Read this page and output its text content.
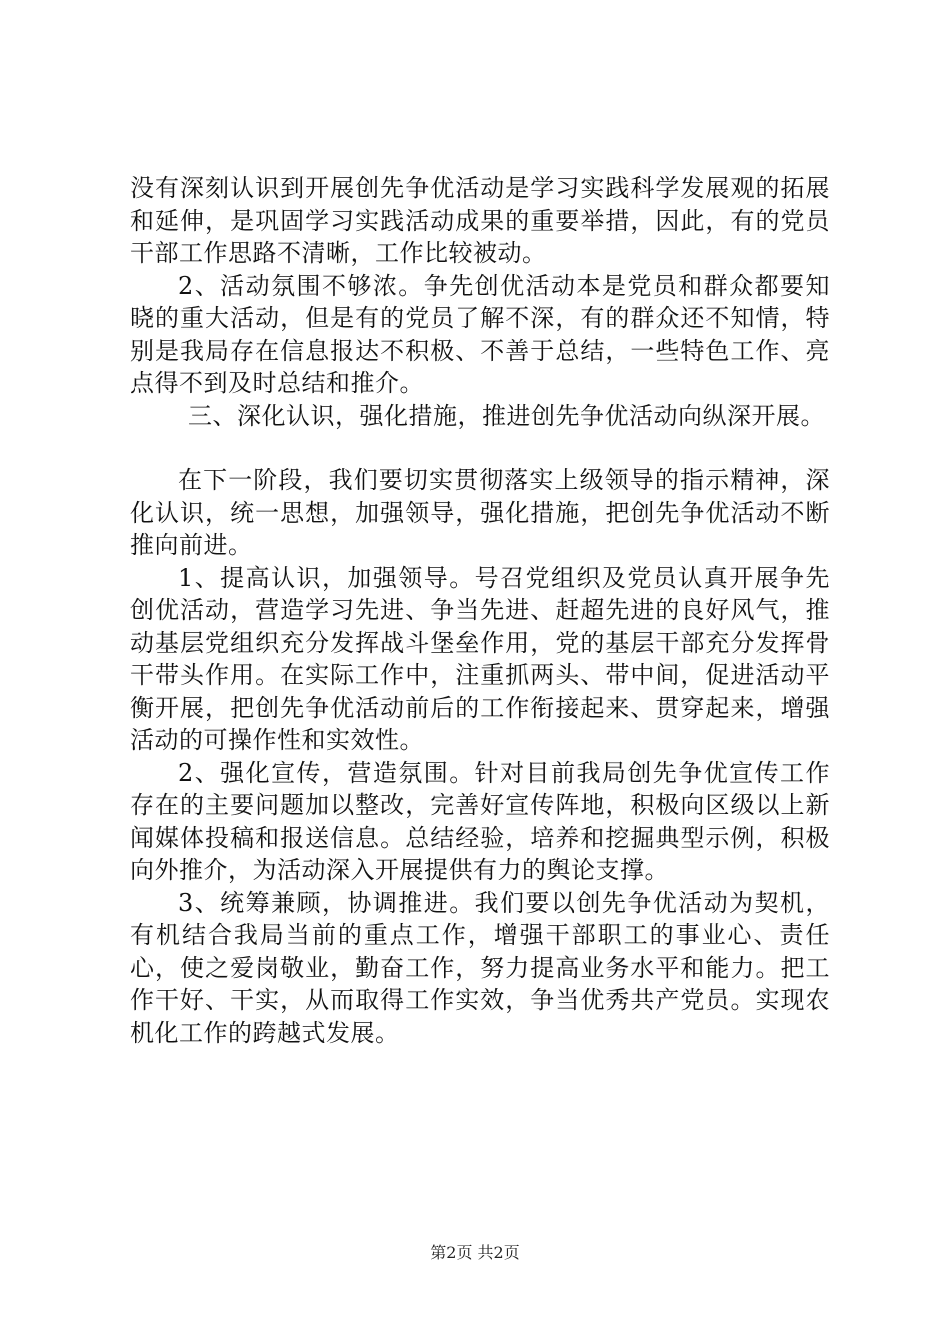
没有深刻认识到开展创先争优活动是学习实践科学发展观的拓展和延伸，是巩固学习实践活动成果的重要举措，因此，有的党员干部工作思路不清晰，工作比较被动。

2、活动氛围不够浓。争先创优活动本是党员和群众都要知晓的重大活动，但是有的党员了解不深，有的群众还不知情，特别是我局存在信息报达不积极、不善于总结，一些特色工作、亮点得不到及时总结和推介。

三、深化认识，强化措施，推进创先争优活动向纵深开展。

在下一阶段，我们要切实贯彻落实上级领导的指示精神，深化认识，统一思想，加强领导，强化措施，把创先争优活动不断推向前进。

1、提高认识，加强领导。号召党组织及党员认真开展争先创优活动，营造学习先进、争当先进、赶超先进的良好风气，推动基层党组织充分发挥战斗堡垒作用，党的基层干部充分发挥骨干带头作用。在实际工作中，注重抓两头、带中间，促进活动平衡开展，把创先争优活动前后的工作衔接起来、贯穿起来，增强活动的可操作性和实效性。

2、强化宣传，营造氛围。针对目前我局创先争优宣传工作存在的主要问题加以整改，完善好宣传阵地，积极向区级以上新闻媒体投稿和报送信息。总结经验，培养和挖掘典型示例，积极向外推介，为活动深入开展提供有力的舆论支撑。

3、统筹兼顾，协调推进。我们要以创先争优活动为契机，有机结合我局当前的重点工作，增强干部职工的事业心、责任心，使之爱岗敬业，勤奋工作，努力提高业务水平和能力。把工作干好、干实，从而取得工作实效，争当优秀共产党员。实现农机化工作的跨越式发展。

第2页 共2页
